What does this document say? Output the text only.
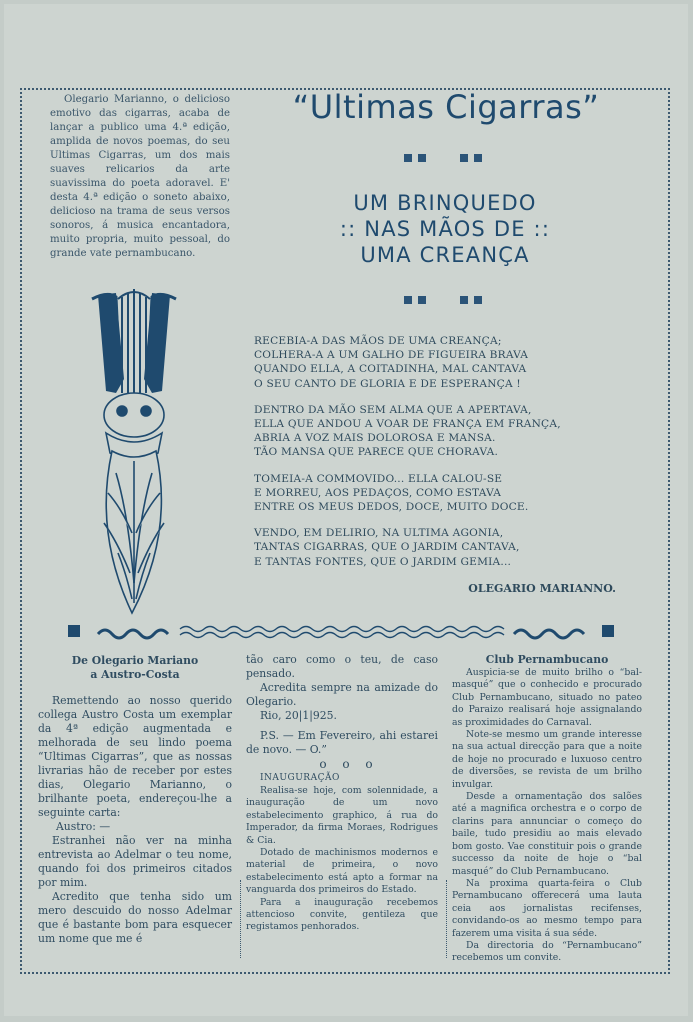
Olegario Marianno, o delicioso emotivo das cigarras, acaba de lançar a publico uma 4.ª edição, amplida de novos poemas, do seu Ultimas Cigarras, um dos mais suaves relicarios da arte suavissima do poeta adoravel. E' desta 4.ª edição o soneto abaixo, delicioso na trama de seus versos sonoros, á musica encantadora, muito propria, muito pessoal, do grande vate pernambucano.

“Ultimas Cigarras”
UM BRINQUEDO
:: NAS MÃOS DE ::
UMA CREANÇA
RECEBIA-A DAS MÃOS DE UMA CREANÇA;
COLHERA-A A UM GALHO DE FIGUEIRA BRAVA
QUANDO ELLA, A COITADINHA, MAL CANTAVA
O SEU CANTO DE GLORIA E DE ESPERANÇA !
DENTRO DA MÃO SEM ALMA QUE A APERTAVA,
ELLA QUE ANDOU A VOAR DE FRANÇA EM FRANÇA,
ABRIA A VOZ MAIS DOLOROSA E MANSA.
TÃO MANSA QUE PARECE QUE CHORAVA.
TOMEIA-A COMMOVIDO... ELLA CALOU-SE
E MORREU, AOS PEDAÇOS, COMO ESTAVA
ENTRE OS MEUS DEDOS, DOCE, MUITO DOCE.
VENDO, EM DELIRIO, NA ULTIMA AGONIA,
TANTAS CIGARRAS, QUE O JARDIM CANTAVA,
E TANTAS FONTES, QUE O JARDIM GEMIA...
OLEGARIO MARIANNO.

De Olegario Mariano

a Austro-Costa

Remettendo ao nosso querido collega Austro Costa um exemplar da 4ª edição augmentada e melhorada de seu lindo poema “Ultimas Cigarras”, que as nossas livrarias hão de receber por estes dias, Olegario Marianno, o brilhante poeta, endereçou-lhe a seguinte carta:

Austro: —

Estranhei não ver na minha entrevista ao Adelmar o teu nome, quando foi dos primeiros citados por mim.

Acredito que tenha sido um mero descuido do nosso Adelmar que é bastante bom para esquecer um nome que me é

tão caro como o teu, de caso pensado.

Acredita sempre na amizade do Olegario.

Rio, 20|1|925.

P.S. — Em Fevereiro, ahi estarei de novo. — O.”

o o o

INAUGURAÇÃO

Realisa-se hoje, com solennidade, a inauguração de um novo estabelecimento graphico, á rua do Imperador, da firma Moraes, Rodrigues & Cia.

Dotado de machinismos modernos e material de primeira, o novo estabelecimento está apto a formar na vanguarda dos primeiros do Estado.

Para a inauguração recebemos attencioso convite, gentileza que registamos penhorados.

Club Pernambucano

Auspicia-se de muito brilho o “bal-masqué” que o conhecido e procurado Club Pernambucano, situado no pateo do Paraizo realisará hoje assignalando as proximidades do Carnaval.

Note-se mesmo um grande interesse na sua actual direcção para que a noite de hoje no procurado e luxuoso centro de diversões, se revista de um brilho invulgar.

Desde a ornamentação dos salões até a magnifica orchestra e o corpo de clarins para annunciar o começo do baile, tudo presidiu ao mais elevado bom gosto. Vae constituir pois o grande successo da noite de hoje o “bal masqué” do Club Pernambucano.

Na proxima quarta-feira o Club Pernambucano offerecerá uma lauta ceia aos jornalistas recifenses, convidando-os ao mesmo tempo para fazerem uma visita á sua séde.

Da directoria do “Pernambucano” recebemos um convite.
